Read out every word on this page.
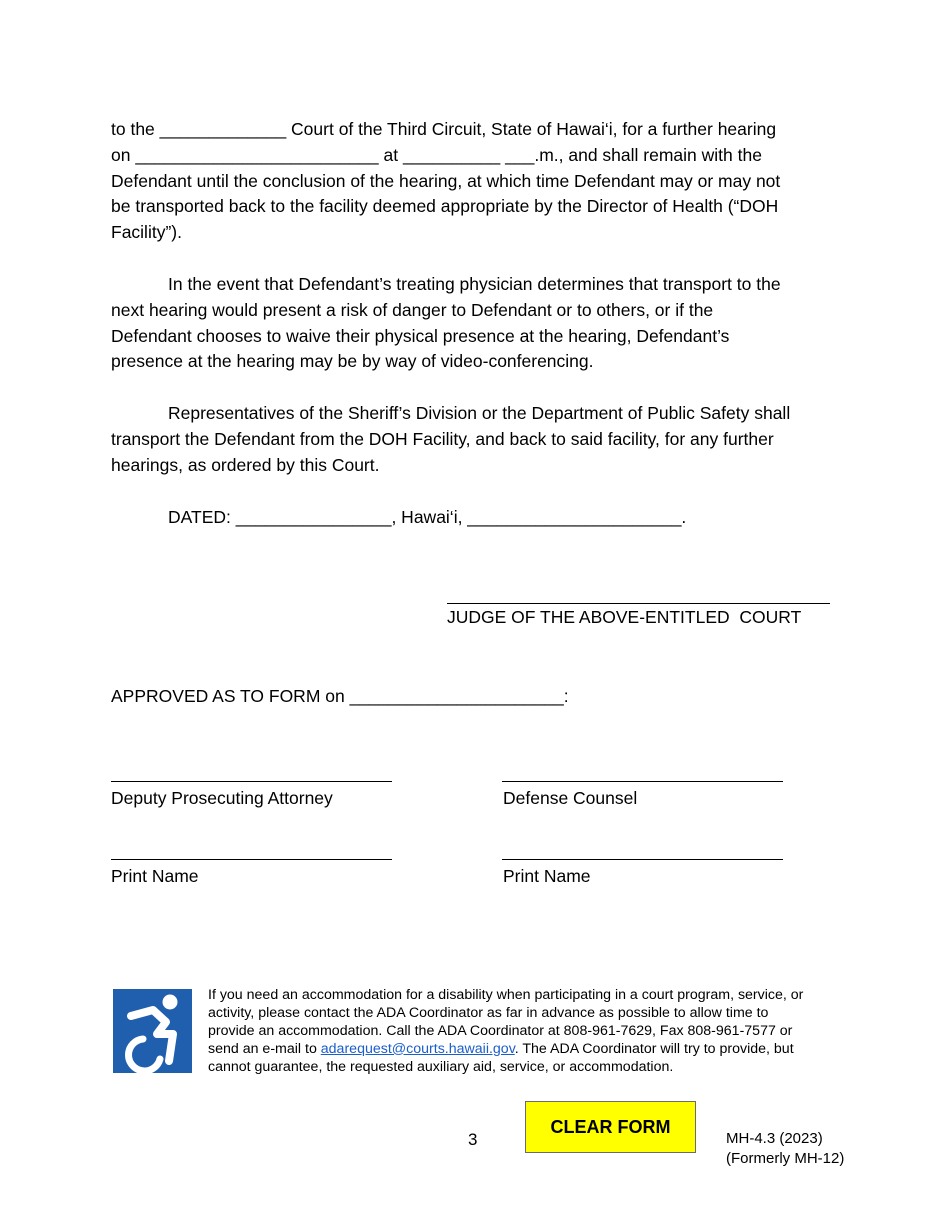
to the _____________ Court of the Third Circuit, State of Hawai‘i, for a further hearing
on _________________________ at __________ ___.m., and shall remain with the
Defendant until the conclusion of the hearing, at which time Defendant may or may not
be transported back to the facility deemed appropriate by the Director of Health (“DOH
Facility”).
In the event that Defendant’s treating physician determines that transport to the
next hearing would present a risk of danger to Defendant or to others, or if the
Defendant chooses to waive their physical presence at the hearing, Defendant’s
presence at the hearing may be by way of video-conferencing.
Representatives of the Sheriff’s Division or the Department of Public Safety shall
transport the Defendant from the DOH Facility, and back to said facility, for any further
hearings, as ordered by this Court.
DATED: ________________, Hawai‘i, ______________________.
JUDGE OF THE ABOVE-ENTITLED  COURT
APPROVED AS TO FORM on ______________________:
Deputy Prosecuting Attorney	Defense Counsel
Print Name	Print Name
If you need an accommodation for a disability when participating in a court program, service, or activity, please contact the ADA Coordinator as far in advance as possible to allow time to provide an accommodation. Call the ADA Coordinator at 808-961-7629, Fax 808-961-7577 or send an e-mail to adarequest@courts.hawaii.gov. The ADA Coordinator will try to provide, but cannot guarantee, the requested auxiliary aid, service, or accommodation.
3
CLEAR FORM
MH-4.3 (2023)
(Formerly MH-12)
